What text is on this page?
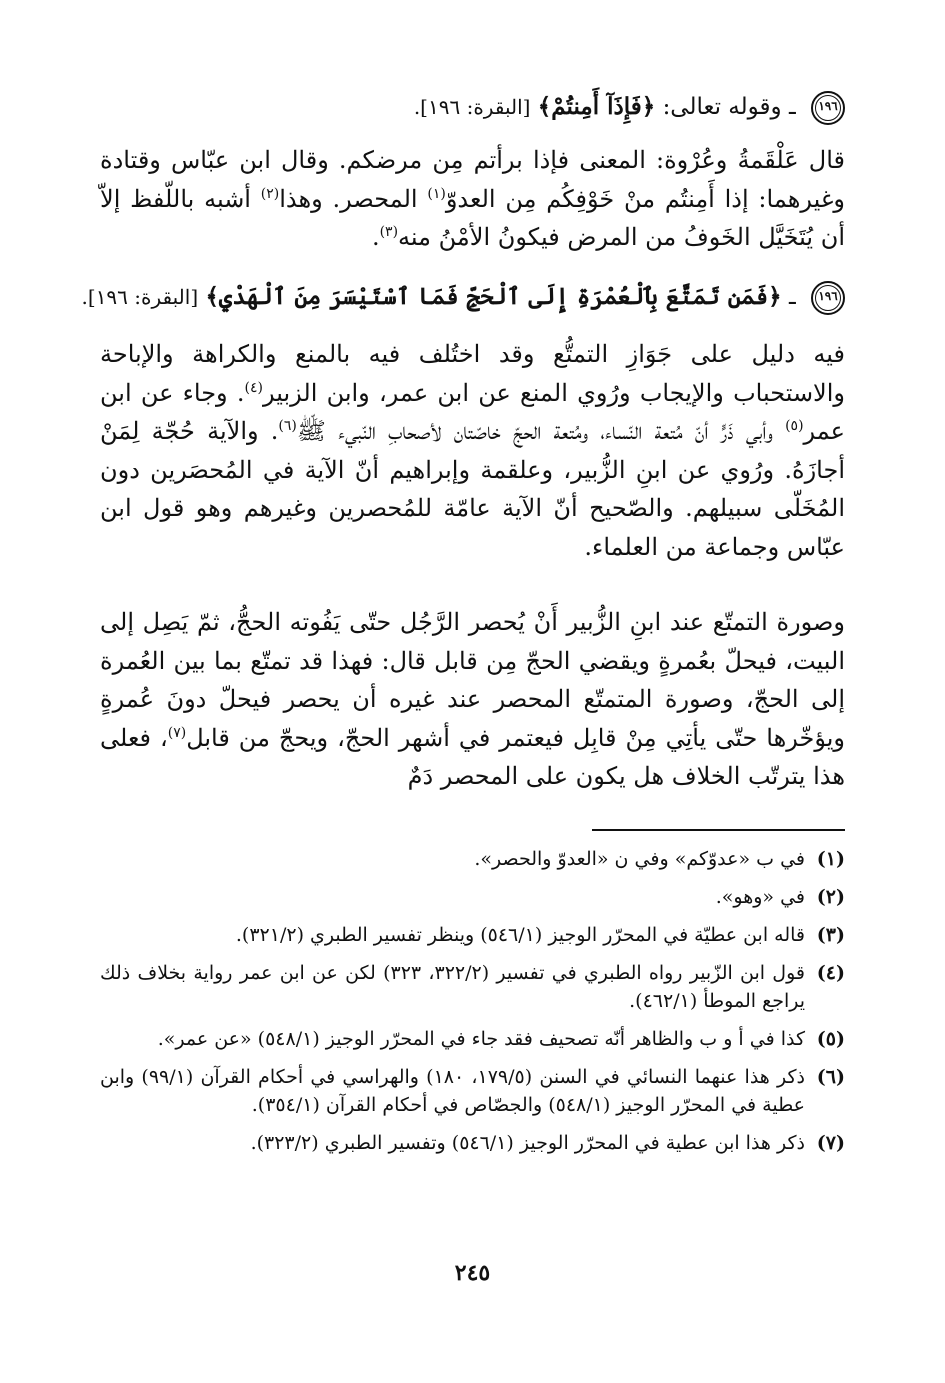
١٩٦ ـ وقوله تعالى: ﴿فَإِذَآ أَمِنتُمْ﴾ [البقرة: ١٩٦].

قال عَلْقَمةُ وعُرْوة: المعنى فإذا برأتم مِن مرضكم. وقال ابن عبّاس وقتادة وغيرهما: إذا أَمِنتُم منْ خَوْفِكُم مِن العدوّ$^{(١)}$ المحصر. وهذا$^{(٢)}$ أشبه باللّفظ إلاّ أن يُتَخَيَّل الخَوفُ من المرض فيكونُ الأمْنُ منه$^{(٣)}$.

١٩٦ ـ ﴿فَمَن تَمَتَّعَ بِٱلْعُمْرَةِ إِلَى ٱلْحَجِّ فَمَا ٱسْتَيْسَرَ مِنَ ٱلْهَدْيِ﴾ [البقرة: ١٩٦].

فيه دليل على جَوَازِ التمتُّع وقد اختُلف فيه بالمنع والكراهة والإباحة والاستحباب والإيجاب ورُوي المنع عن ابن عمر، وابن الزبير$^{(٤)}$. وجاء عن ابن عمر$^{(٥)}$ وأبي ذَرٍّ أنّ مُتعة النّساء، ومُتعة الحجّ خاصّتان لأصحابِ النّبيء ﷺ$^{(٦)}$. والآية حُجّة لِمَنْ أجازَهُ. ورُوي عن ابنِ الزُّبير، وعلقمة وإبراهيم أنّ الآية في المُحصَرين دون المُخَلّى سبيلهم. والصّحيح أنّ الآية عامّة للمُحصرين وغيرهم وهو قول ابن عبّاس وجماعة من العلماء.

وصورة التمتّع عند ابنِ الزُّبير أَنْ يُحصر الرَّجُل حتّى يَفُوته الحجُّ، ثمّ يَصِل إلى البيت، فيحلّ بعُمرةٍ ويقضي الحجّ مِن قابل قال: فهذا قد تمتّع بما بين العُمرة إلى الحجّ، وصورة المتمتّع المحصر عند غيره أن يحصر فيحلّ دونَ عُمرةٍ ويؤخّرها حتّى يأتِي مِنْ قابِل فيعتمر في أشهر الحجّ، ويحجّ من قابل$^{(٧)}$، فعلى هذا يترتّب الخلاف هل يكون على المحصر دَمٌ

(١)
في ب «عدوّكم» وفي ن «العدوّ والحصر».
(٢)
في «وهو».
(٣)
قاله ابن عطيّة في المحرّر الوجيز (٥٤٦/١) وينظر تفسير الطبري (٣٢١/٢).
(٤)
قول ابن الزّبير رواه الطبري في تفسير (٣٢٢/٢، ٣٢٣) لكن عن ابن عمر رواية بخلاف ذلك يراجع الموطأ (٤٦٢/١).
(٥)
كذا في أ و ب والظاهر أنّه تصحيف فقد جاء في المحرّر الوجيز (٥٤٨/١) «عن عمر».
(٦)
ذكر هذا عنهما النسائي في السنن (١٧٩/٥، ١٨٠) والهراسي في أحكام القرآن (٩٩/١) وابن عطية في المحرّر الوجيز (٥٤٨/١) والجصّاص في أحكام القرآن (٣٥٤/١).
(٧)
ذكر هذا ابن عطية في المحرّر الوجيز (٥٤٦/١) وتفسير الطبري (٣٢٣/٢).
٢٤٥
